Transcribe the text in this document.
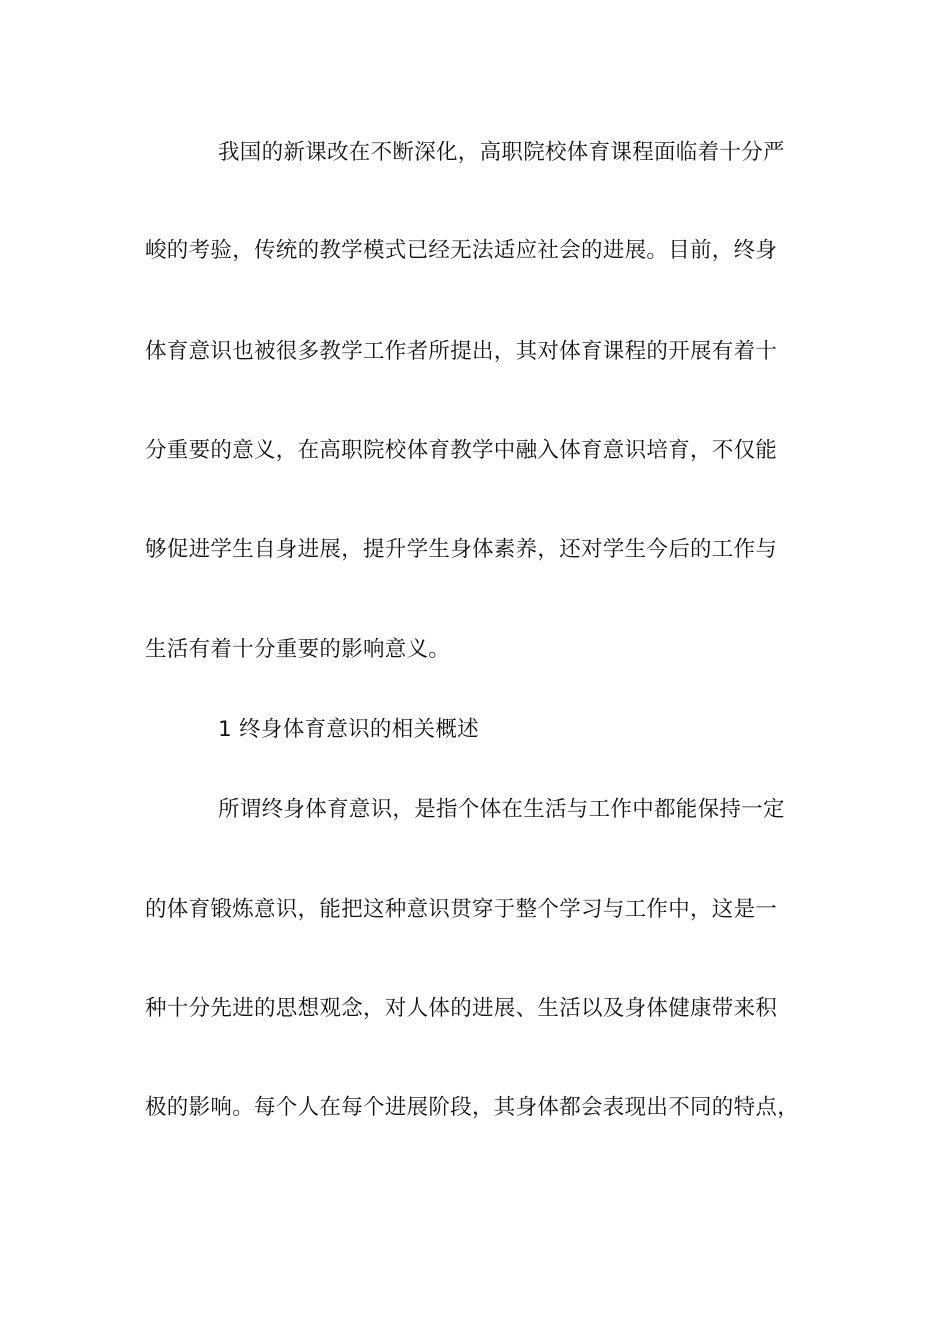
我国的新课改在不断深化，高职院校体育课程面临着十分严
峻的考验，传统的教学模式已经无法适应社会的进展。目前，终身
体育意识也被很多教学工作者所提出，其对体育课程的开展有着十
分重要的意义，在高职院校体育教学中融入体育意识培育，不仅能
够促进学生自身进展，提升学生身体素养，还对学生今后的工作与
生活有着十分重要的影响意义。
1 终身体育意识的相关概述
所谓终身体育意识，是指个体在生活与工作中都能保持一定
的体育锻炼意识，能把这种意识贯穿于整个学习与工作中，这是一
种十分先进的思想观念，对人体的进展、生活以及身体健康带来积
极的影响。每个人在每个进展阶段，其身体都会表现出不同的特点，
